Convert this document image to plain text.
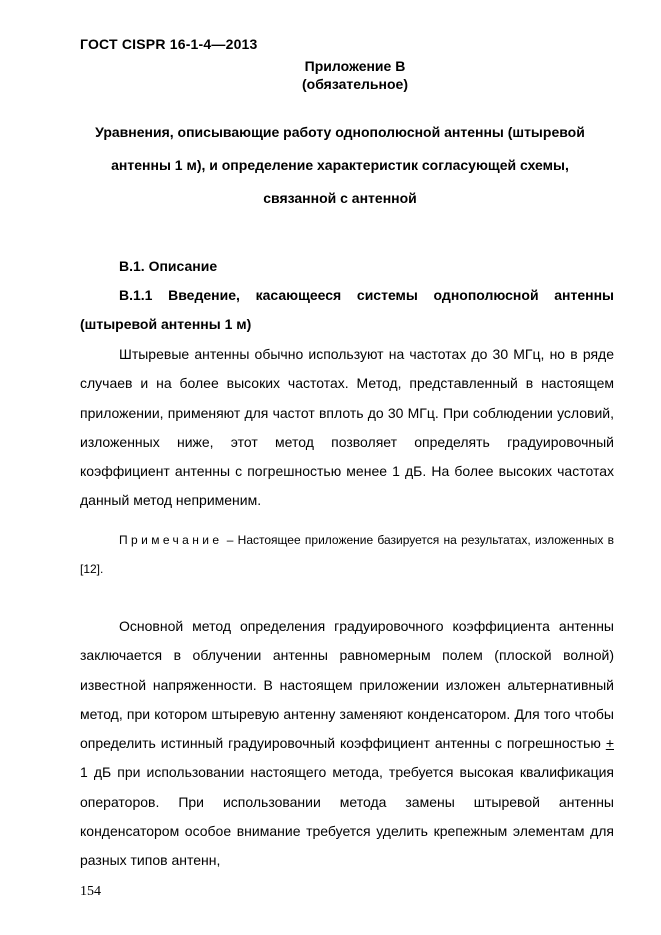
ГОСТ CISPR 16-1-4—2013
Приложение В
(обязательное)
Уравнения, описывающие работу однополюсной антенны (штыревой
антенны 1 м), и определение характеристик согласующей схемы,
связанной с антенной
В.1. Описание
В.1.1 Введение, касающееся системы однополюсной антенны (штыревой антенны 1 м)
Штыревые антенны обычно используют на частотах до 30 МГц, но в ряде случаев и на более высоких частотах. Метод, представленный в настоящем приложении, применяют для частот вплоть до 30 МГц. При соблюдении условий, изложенных ниже, этот метод позволяет определять градуировочный коэффициент антенны с погрешностью менее 1 дБ. На более высоких частотах данный метод неприменим.
Примечание – Настоящее приложение базируется на результатах, изложенных в [12].
Основной метод определения градуировочного коэффициента антенны заключается в облучении антенны равномерным полем (плоской волной) известной напряженности. В настоящем приложении изложен альтернативный метод, при котором штыревую антенну заменяют конденсатором. Для того чтобы определить истинный градуировочный коэффициент антенны с погрешностью + 1 дБ при использовании настоящего метода, требуется высокая квалификация операторов. При использовании метода замены штыревой антенны конденсатором особое внимание требуется уделить крепежным элементам для разных типов антенн,
154
